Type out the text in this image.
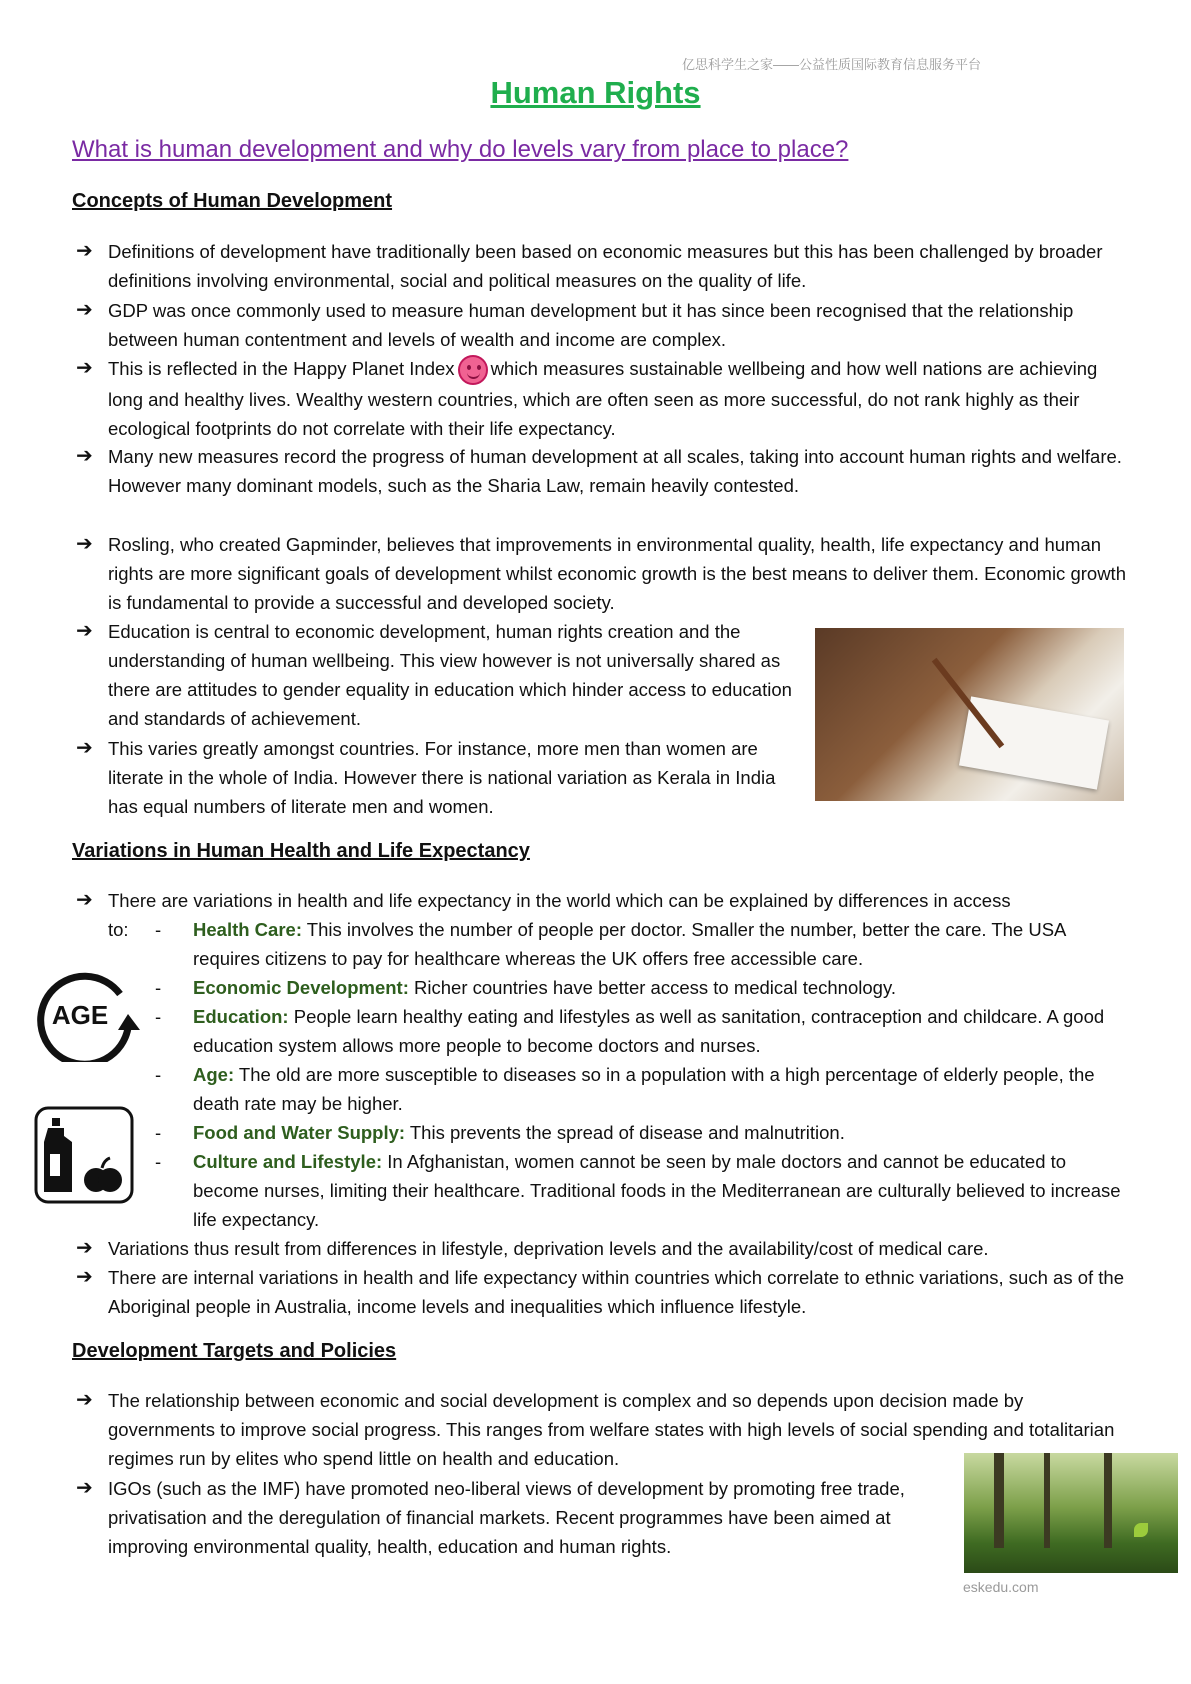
亿思科学生之家——公益性质国际教育信息服务平台
Human Rights
What is human development and why do levels vary from place to place?
Concepts of Human Development
➔ Definitions of development have traditionally been based on economic measures but this has been challenged by broader definitions involving environmental, social and political measures on the quality of life.
➔ GDP was once commonly used to measure human development but it has since been recognised that the relationship between human contentment and levels of wealth and income are complex.
➔ This is reflected in the Happy Planet Index which measures sustainable wellbeing and how well nations are achieving long and healthy lives. Wealthy western countries, which are often seen as more successful, do not rank highly as their ecological footprints do not correlate with their life expectancy.
➔ Many new measures record the progress of human development at all scales, taking into account human rights and welfare. However many dominant models, such as the Sharia Law, remain heavily contested.
➔ Rosling, who created Gapminder, believes that improvements in environmental quality, health, life expectancy and human rights are more significant goals of development whilst economic growth is the best means to deliver them. Economic growth is fundamental to provide a successful and developed society.
➔ Education is central to economic development, human rights creation and the understanding of human wellbeing. This view however is not universally shared as there are attitudes to gender equality in education which hinder access to education and standards of achievement.
➔ This varies greatly amongst countries. For instance, more men than women are literate in the whole of India. However there is national variation as Kerala in India has equal numbers of literate men and women.
Variations in Human Health and Life Expectancy
➔ There are variations in health and life expectancy in the world which can be explained by differences in access
to: - Health Care: This involves the number of people per doctor. Smaller the number, better the care. The USA requires citizens to pay for healthcare whereas the UK offers free accessible care.
- Economic Development: Richer countries have better access to medical technology.
- Education: People learn healthy eating and lifestyles as well as sanitation, contraception and childcare. A good education system allows more people to become doctors and nurses.
- Age: The old are more susceptible to diseases so in a population with a high percentage of elderly people, the death rate may be higher.
- Food and Water Supply: This prevents the spread of disease and malnutrition.
- Culture and Lifestyle: In Afghanistan, women cannot be seen by male doctors and cannot be educated to become nurses, limiting their healthcare. Traditional foods in the Mediterranean are culturally believed to increase life expectancy.
➔ Variations thus result from differences in lifestyle, deprivation levels and the availability/cost of medical care.
➔ There are internal variations in health and life expectancy within countries which correlate to ethnic variations, such as of the Aboriginal people in Australia, income levels and inequalities which influence lifestyle.
AGE
Development Targets and Policies
➔ The relationship between economic and social development is complex and so depends upon decision made by governments to improve social progress. This ranges from welfare states with high levels of social spending and totalitarian regimes run by elites who spend little on health and education.
➔ IGOs (such as the IMF) have promoted neo-liberal views of development by promoting free trade, privatisation and the deregulation of financial markets. Recent programmes have been aimed at improving environmental quality, health, education and human rights.
eskedu.com
